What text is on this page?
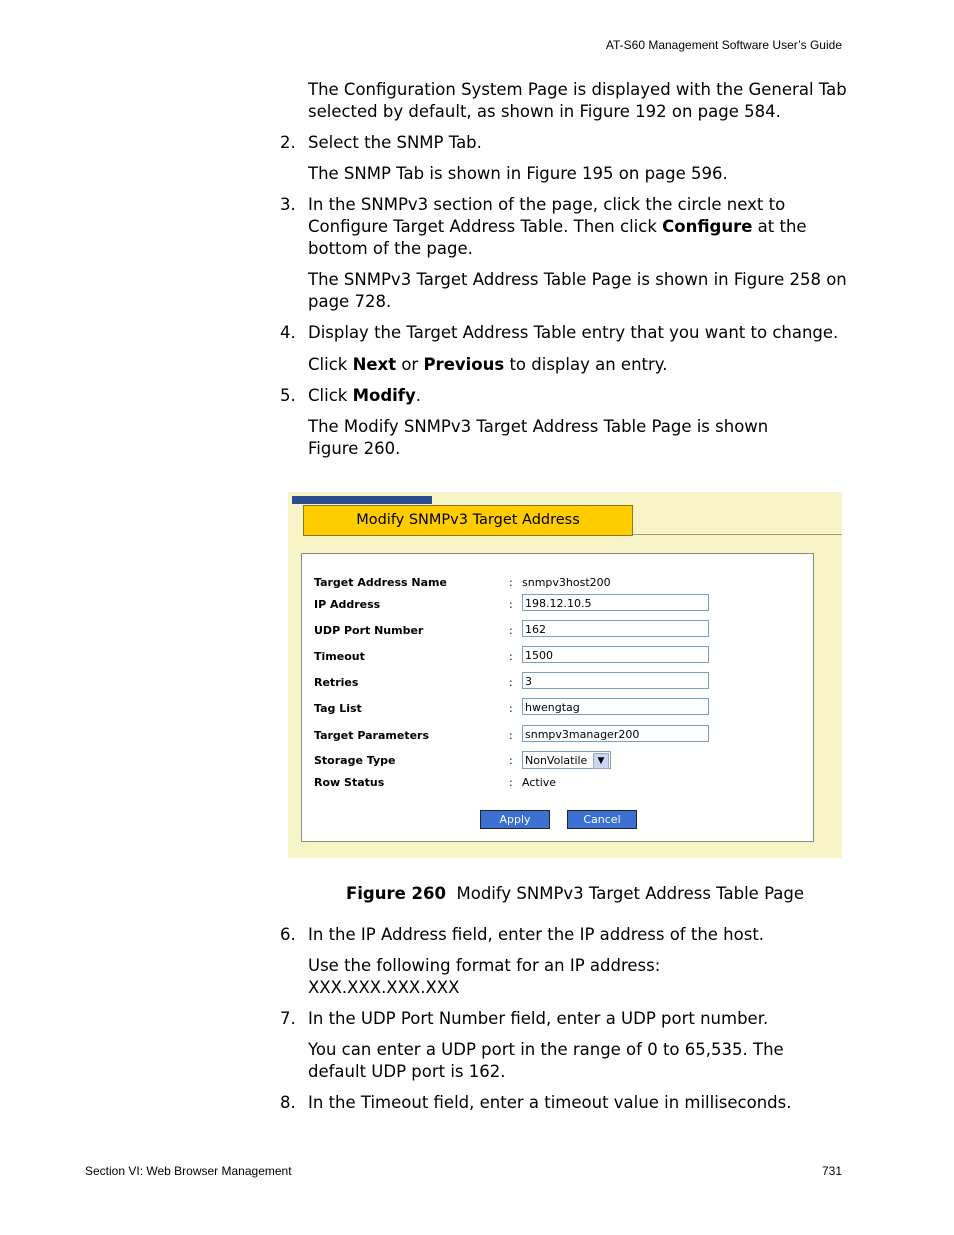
AT-S60 Management Software User’s Guide
The Configuration System Page is displayed with the General Tab selected by default, as shown in Figure 192 on page 584.
2. Select the SNMP Tab.
The SNMP Tab is shown in Figure 195 on page 596.
3. In the SNMPv3 section of the page, click the circle next to Configure Target Address Table. Then click Configure at the bottom of the page.
The SNMPv3 Target Address Table Page is shown in Figure 258 on page 728.
4. Display the Target Address Table entry that you want to change.
Click Next or Previous to display an entry.
5. Click Modify.
The Modify SNMPv3 Target Address Table Page is shown Figure 260.
Modify SNMPv3 Target Address
Target Address Name	: snmpv3host200
IP Address	: 198.12.10.5
UDP Port Number	: 162
Timeout	: 1500
Retries	: 3
Tag List	: hwengtag
Target Parameters	: snmpv3manager200
Storage Type	: NonVolatile	▼
Row Status	: Active
Apply	Cancel
Figure 260  Modify SNMPv3 Target Address Table Page
6. In the IP Address field, enter the IP address of the host.
Use the following format for an IP address:
XXX.XXX.XXX.XXX
7. In the UDP Port Number field, enter a UDP port number.
You can enter a UDP port in the range of 0 to 65,535. The default UDP port is 162.
8. In the Timeout field, enter a timeout value in milliseconds.
Section VI: Web Browser Management	731
